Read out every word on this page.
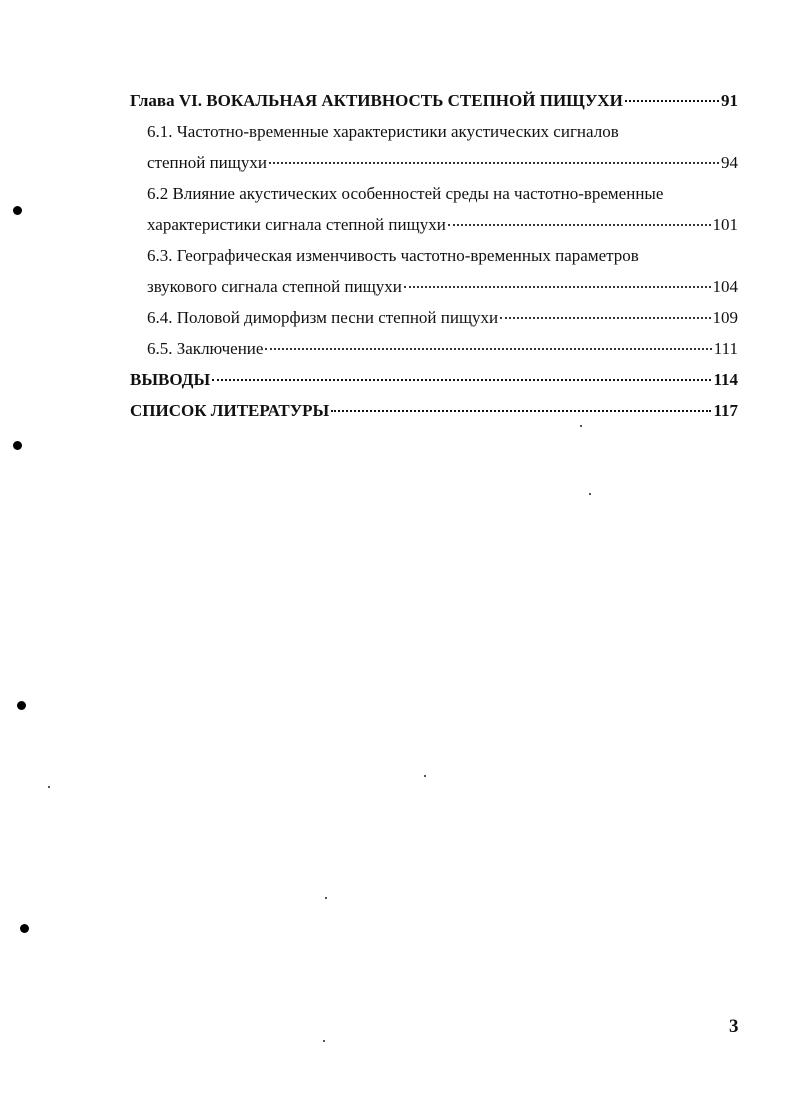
Глава VI. ВОКАЛЬНАЯ АКТИВНОСТЬ СТЕПНОЙ ПИЩУХИ	91
6.1. Частотно-временные характеристики акустических сигналов
степной пищухи	94
6.2 Влияние акустических особенностей среды на частотно-временные
характеристики сигнала степной пищухи	101
6.3. Географическая изменчивость частотно-временных параметров
звукового сигнала степной пищухи	104
6.4. Половой диморфизм песни степной пищухи	109
6.5. Заключение	111
ВЫВОДЫ	114
СПИСОК ЛИТЕРАТУРЫ	117
3
